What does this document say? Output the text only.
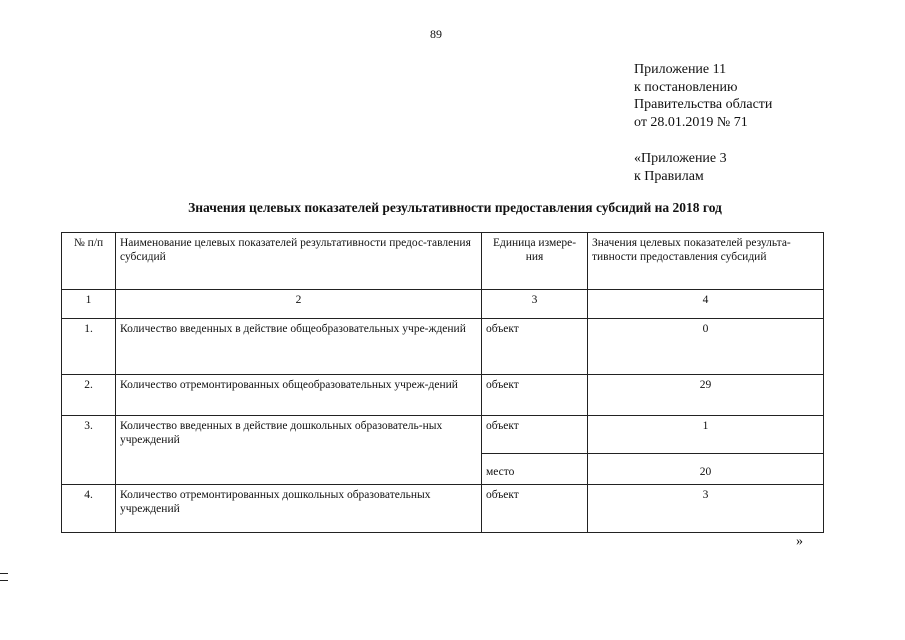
89
Приложение 11
к постановлению
Правительства области
от 28.01.2019 № 71
«Приложение 3
к Правилам
Значения целевых показателей результативности предоставления субсидий на 2018 год
№ п/п	Наименование целевых показателей результативности предос-тавления субсидий	Единица измере-ния	Значения целевых показателей результа-тивности предоставления субсидий
1	2	3	4
1.	Количество введенных в действие общеобразовательных учре-ждений	объект	0
2.	Количество отремонтированных общеобразовательных учреж-дений	объект	29
3.	Количество введенных в действие дошкольных образователь-ных учреждений	объект	1
		место	20
4.	Количество отремонтированных дошкольных образовательных учреждений	объект	3
»
